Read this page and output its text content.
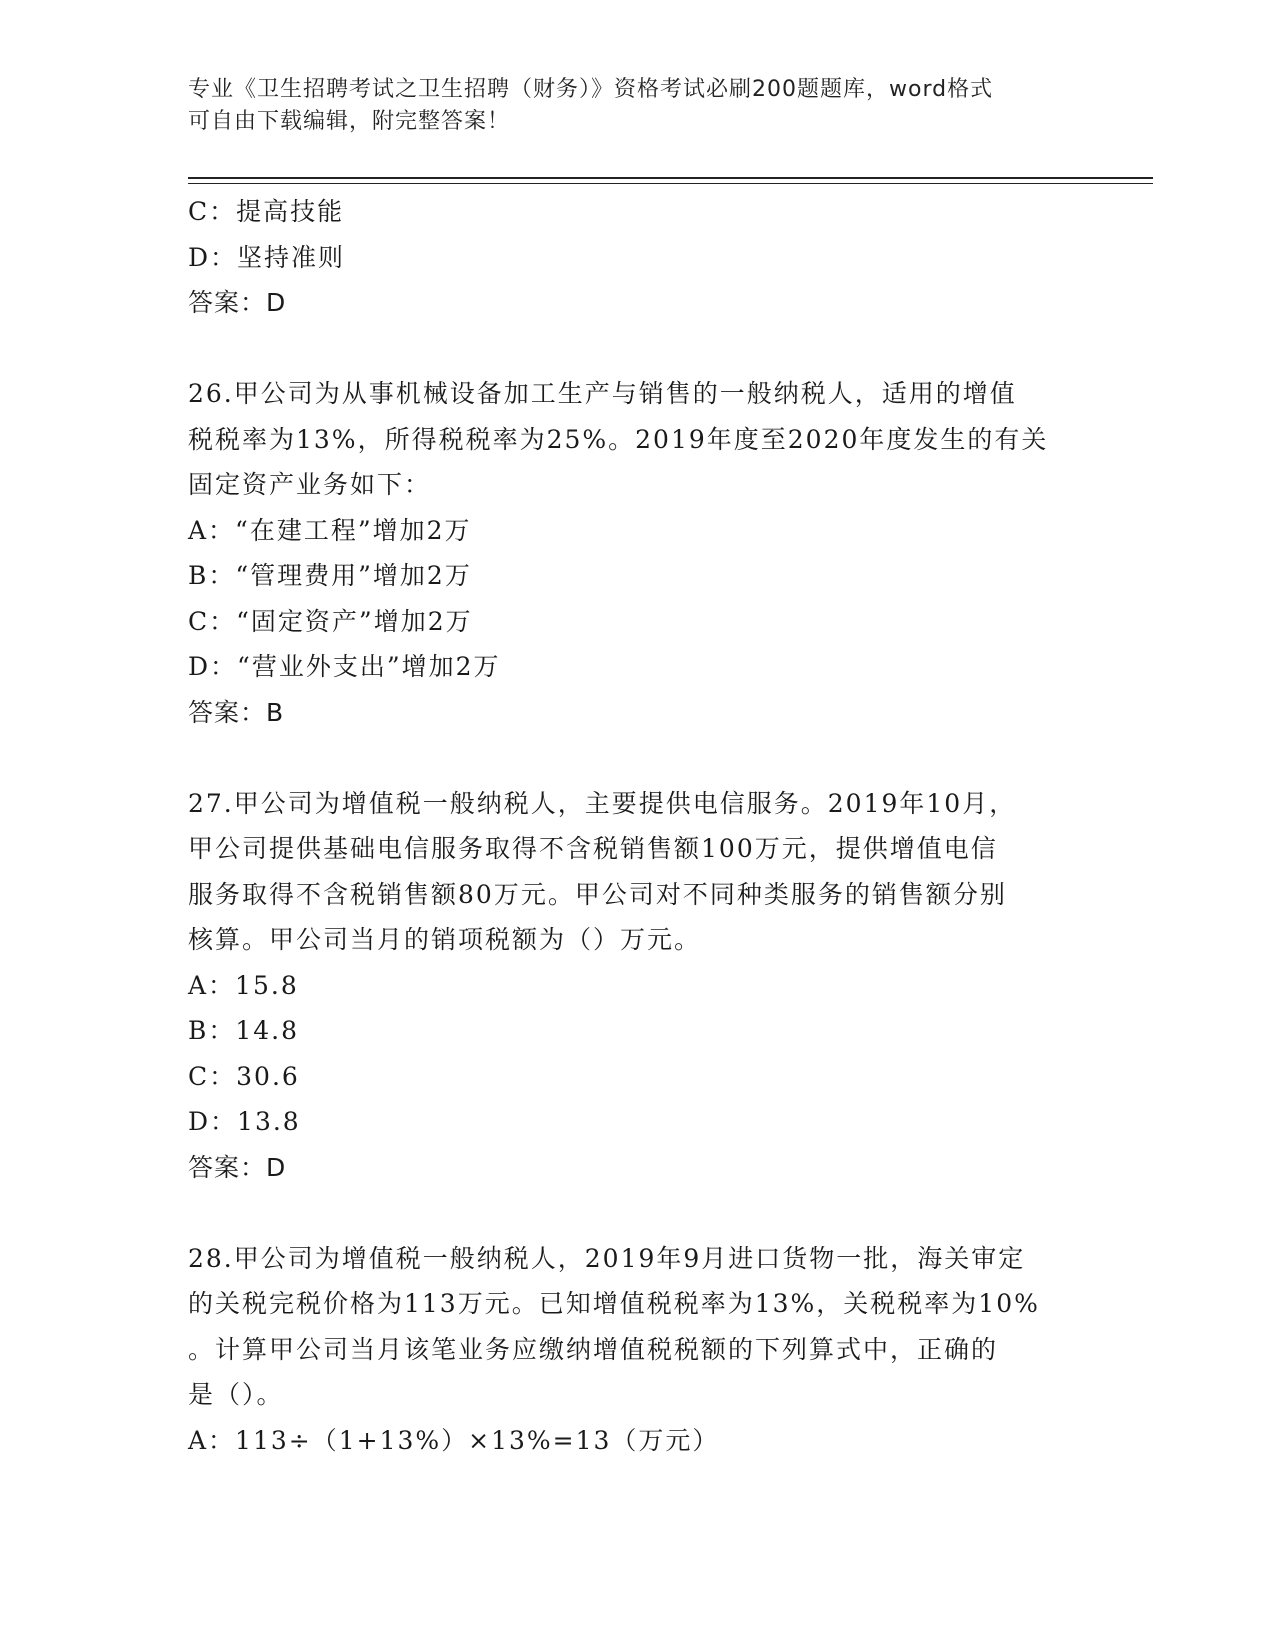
专业《卫生招聘考试之卫生招聘（财务）》资格考试必刷200题题库，word格式
可自由下载编辑，附完整答案！
C：提高技能
D：坚持准则
答案：D
26.甲公司为从事机械设备加工生产与销售的一般纳税人，适用的增值
税税率为13%，所得税税率为25%。2019年度至2020年度发生的有关
固定资产业务如下：
A：“在建工程”增加2万
B：“管理费用”增加2万
C：“固定资产”增加2万
D：“营业外支出”增加2万
答案：B
27.甲公司为增值税一般纳税人，主要提供电信服务。2019年10月，
甲公司提供基础电信服务取得不含税销售额100万元，提供增值电信
服务取得不含税销售额80万元。甲公司对不同种类服务的销售额分别
核算。甲公司当月的销项税额为（）万元。
A：15.8
B：14.8
C：30.6
D：13.8
答案：D
28.甲公司为增值税一般纳税人，2019年9月进口货物一批，海关审定
的关税完税价格为113万元。已知增值税税率为13%，关税税率为10%
。计算甲公司当月该笔业务应缴纳增值税税额的下列算式中，正确的
是（）。
A：113÷（1+13%）×13%=13（万元）
